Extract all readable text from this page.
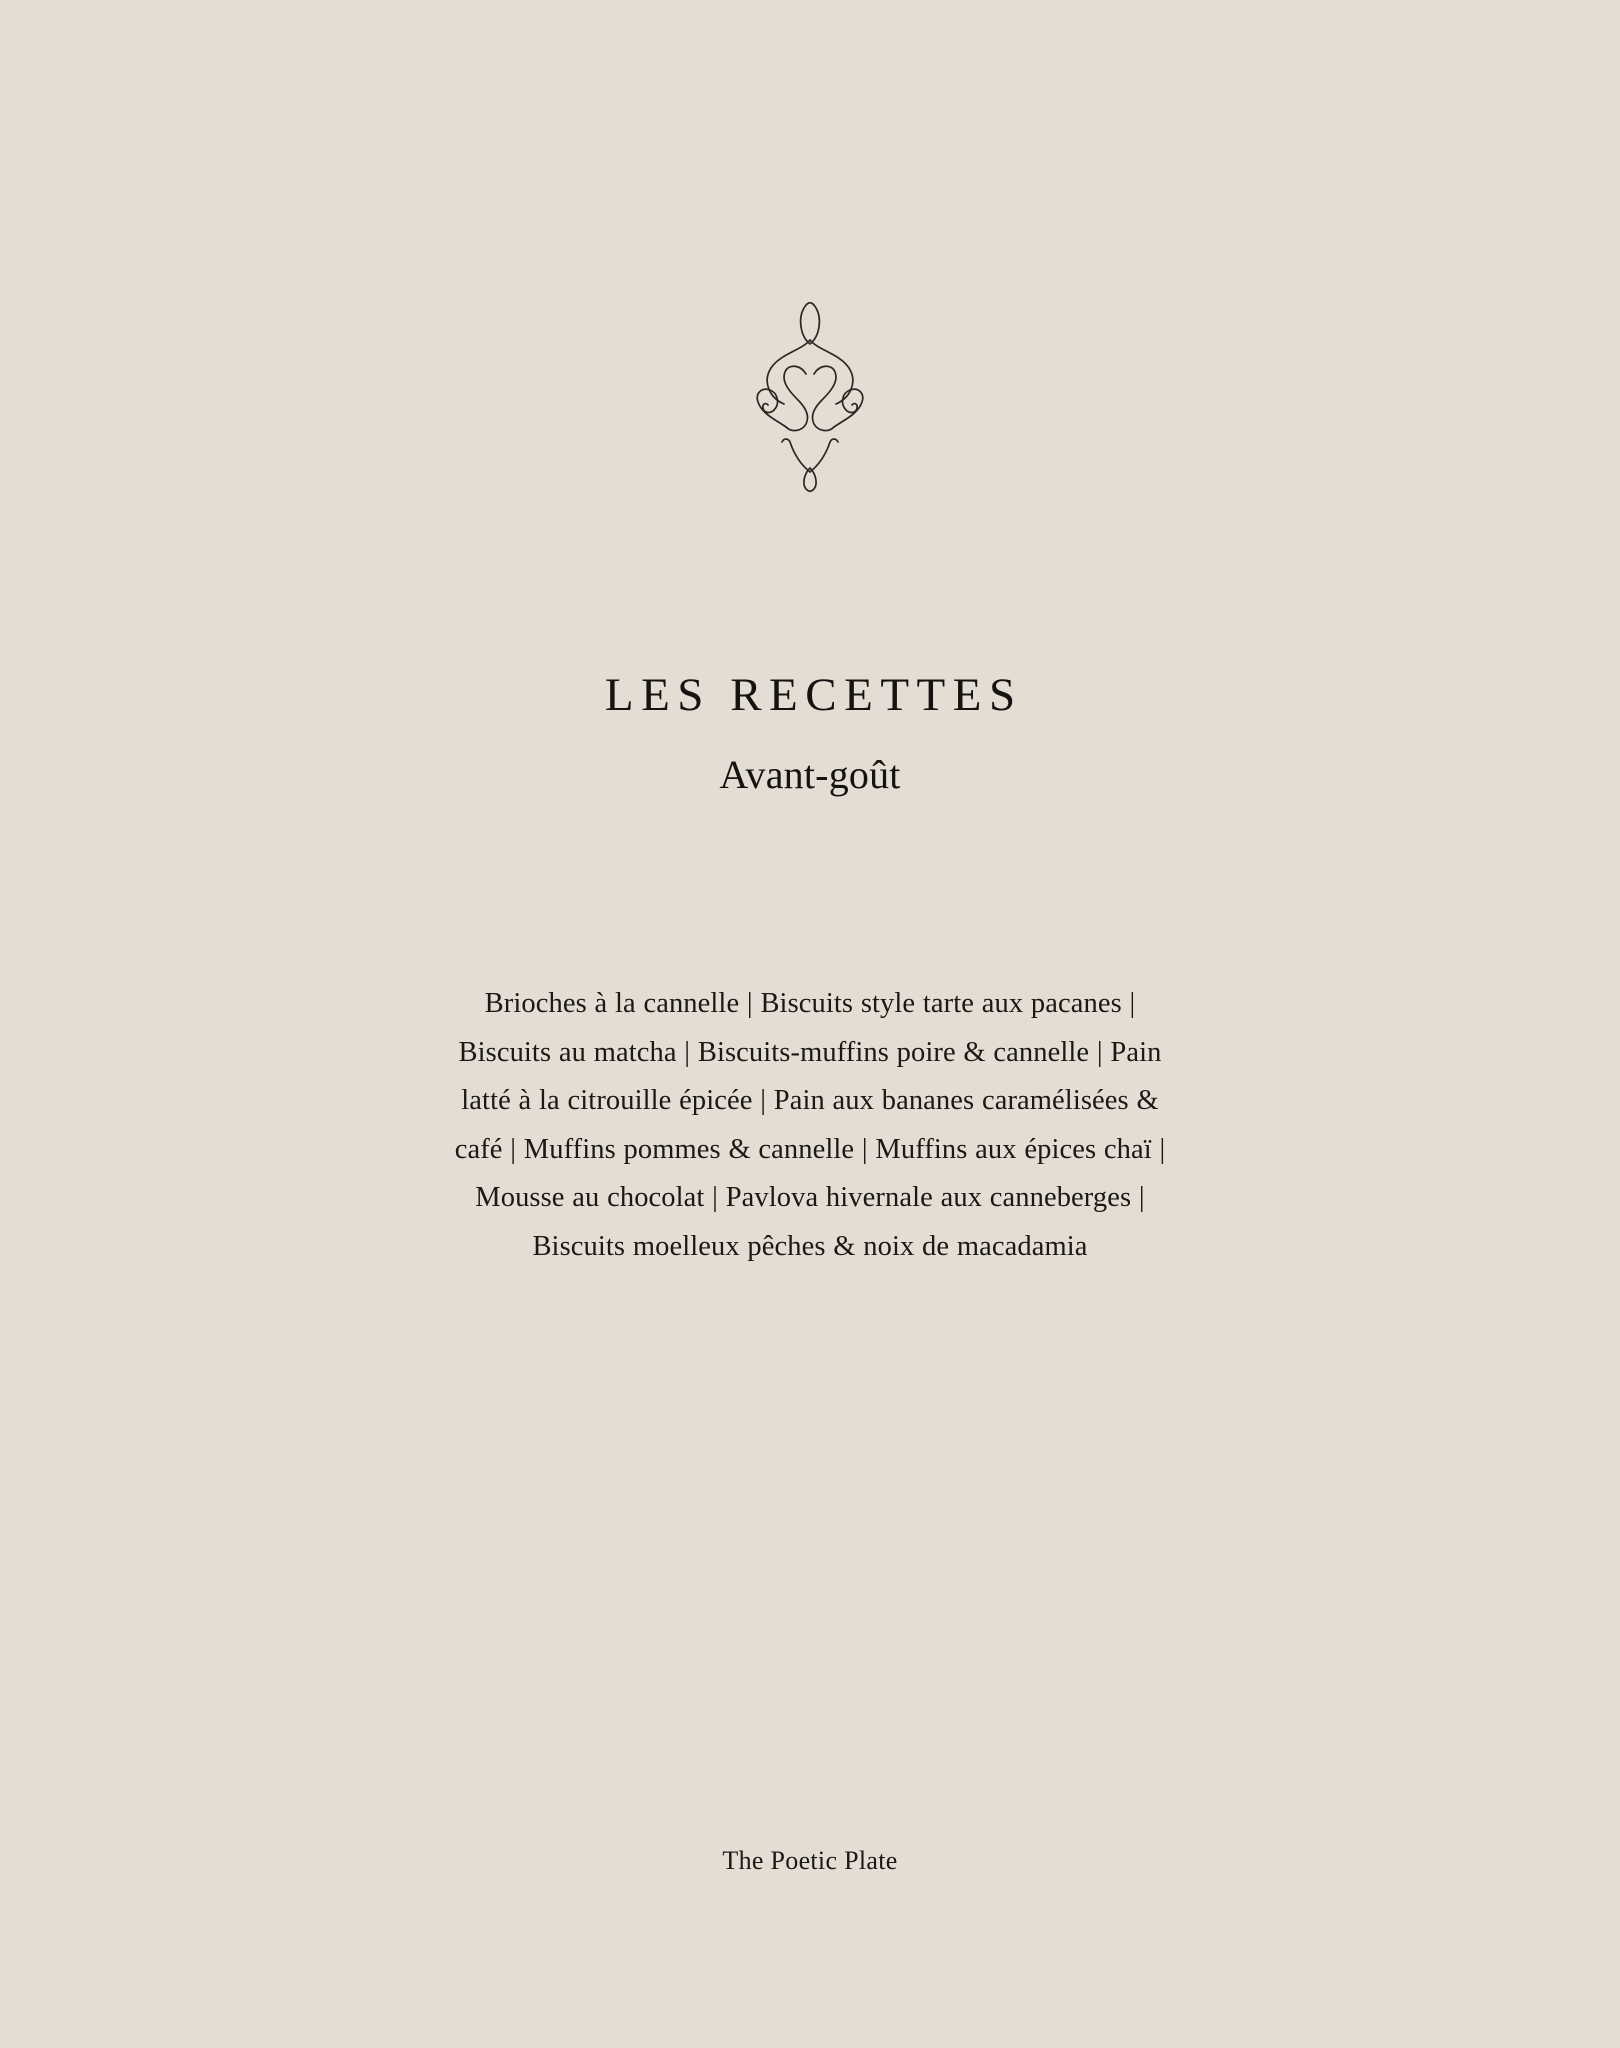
LES RECETTES
Avant-goût

Brioches à la cannelle | Biscuits style tarte aux pacanes | Biscuits au matcha | Biscuits-muffins poire & cannelle | Pain latté à la citrouille épicée | Pain aux bananes caramélisées & café | Muffins pommes & cannelle | Muffins aux épices chaï | Mousse au chocolat | Pavlova hivernale aux canneberges | Biscuits moelleux pêches & noix de macadamia

The Poetic Plate
